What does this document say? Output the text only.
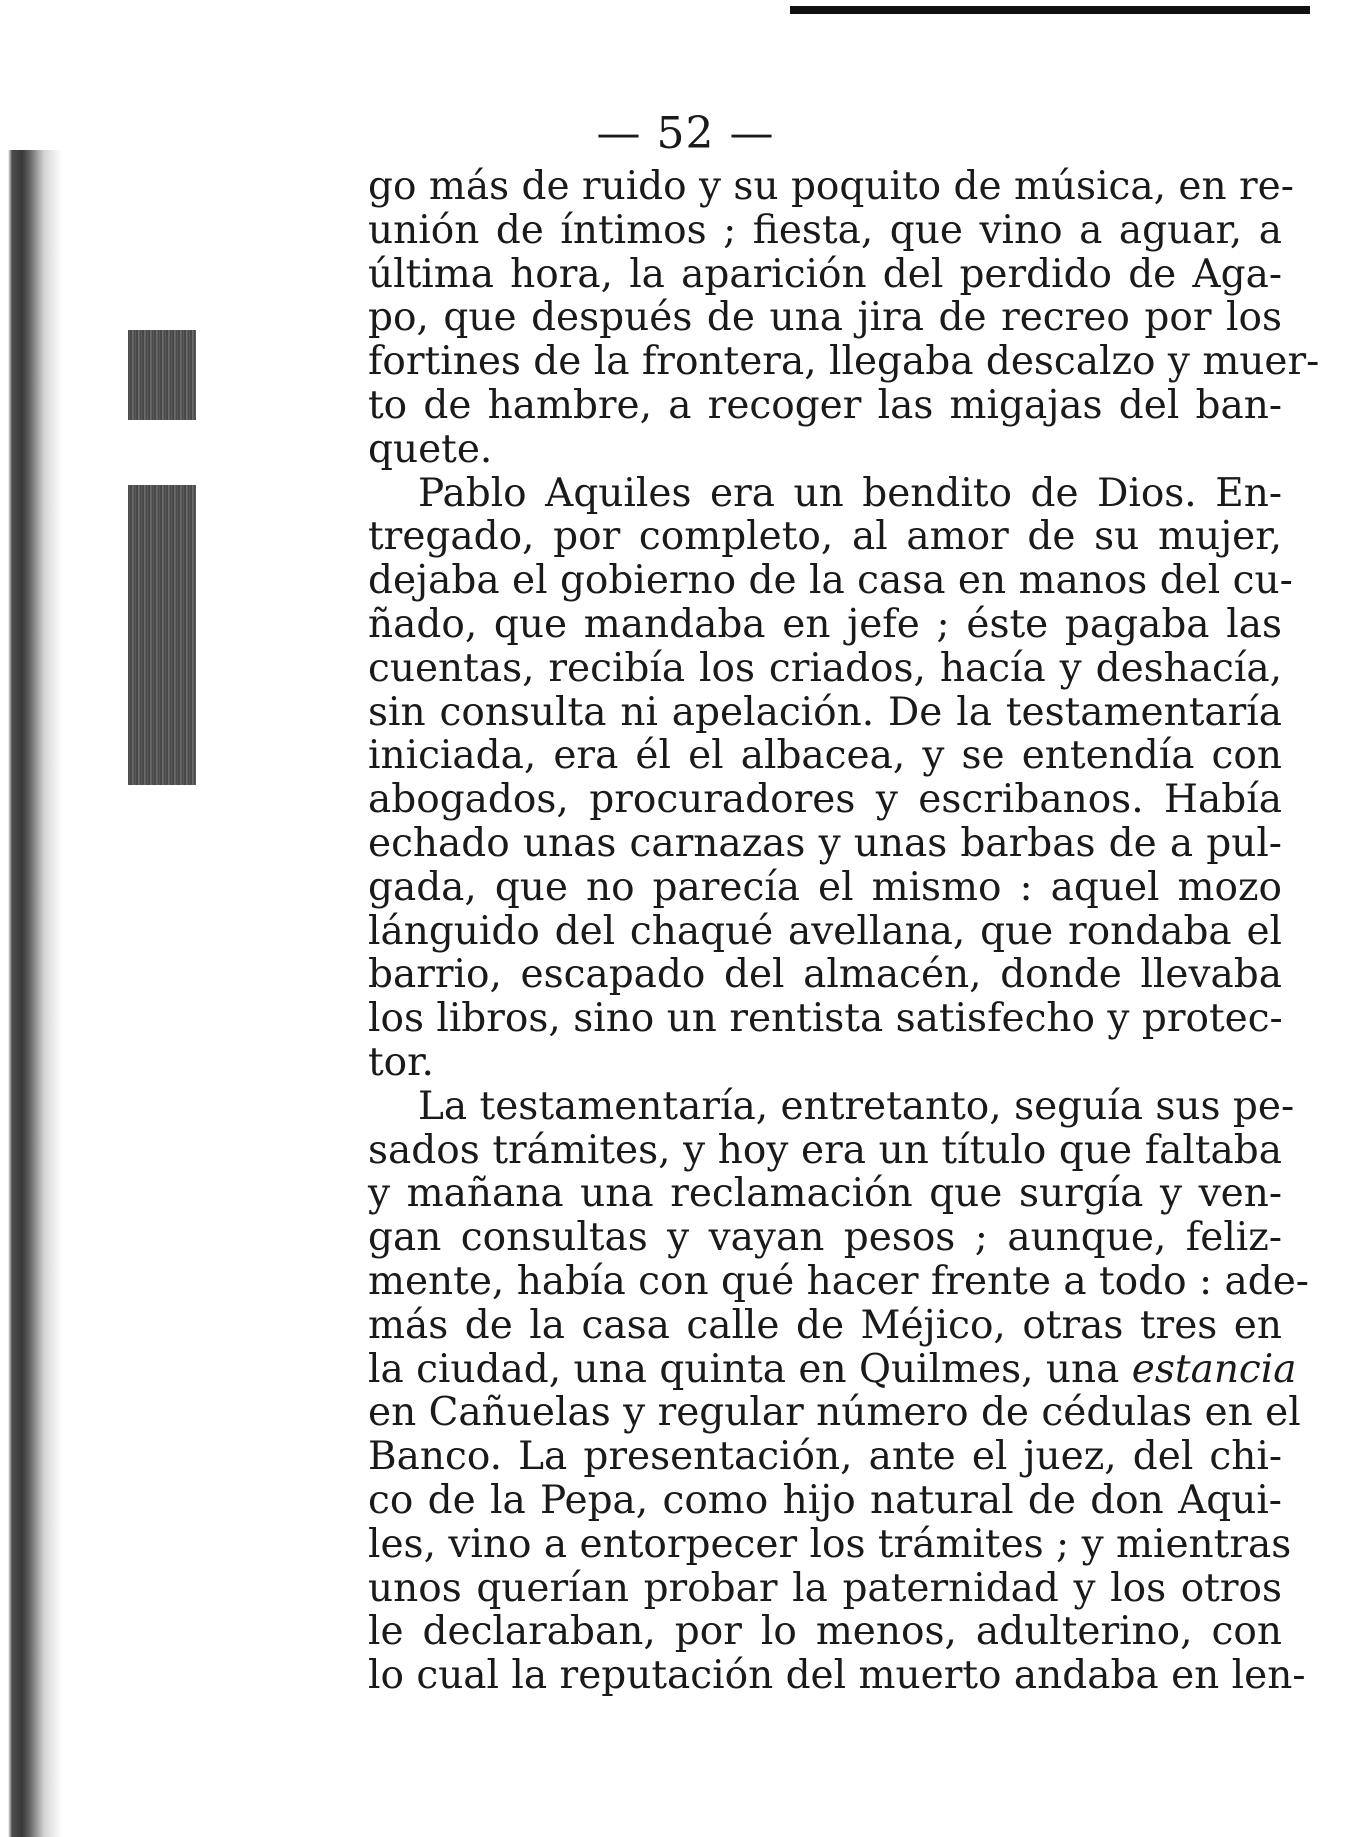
— 52 —
go más de ruido y su poquito de música, en re-
unión de íntimos ; fiesta, que vino a aguar, a
última hora, la aparición del perdido de Aga-
po, que después de una jira de recreo por los
fortines de la frontera, llegaba descalzo y muer-
to de hambre, a recoger las migajas del ban-
quete.
Pablo Aquiles era un bendito de Dios. En-
tregado, por completo, al amor de su mujer,
dejaba el gobierno de la casa en manos del cu-
ñado, que mandaba en jefe ; éste pagaba las
cuentas, recibía los criados, hacía y deshacía,
sin consulta ni apelación. De la testamentaría
iniciada, era él el albacea, y se entendía con
abogados, procuradores y escribanos. Había
echado unas carnazas y unas barbas de a pul-
gada, que no parecía el mismo : aquel mozo
lánguido del chaqué avellana, que rondaba el
barrio, escapado del almacén, donde llevaba
los libros, sino un rentista satisfecho y protec-
tor.
La testamentaría, entretanto, seguía sus pe-
sados trámites, y hoy era un título que faltaba
y mañana una reclamación que surgía y ven-
gan consultas y vayan pesos ; aunque, feliz-
mente, había con qué hacer frente a todo : ade-
más de la casa calle de Méjico, otras tres en
la ciudad, una quinta en Quilmes, una estancia
en Cañuelas y regular número de cédulas en el
Banco. La presentación, ante el juez, del chi-
co de la Pepa, como hijo natural de don Aqui-
les, vino a entorpecer los trámites ; y mientras
unos querían probar la paternidad y los otros
le declaraban, por lo menos, adulterino, con
lo cual la reputación del muerto andaba en len-
